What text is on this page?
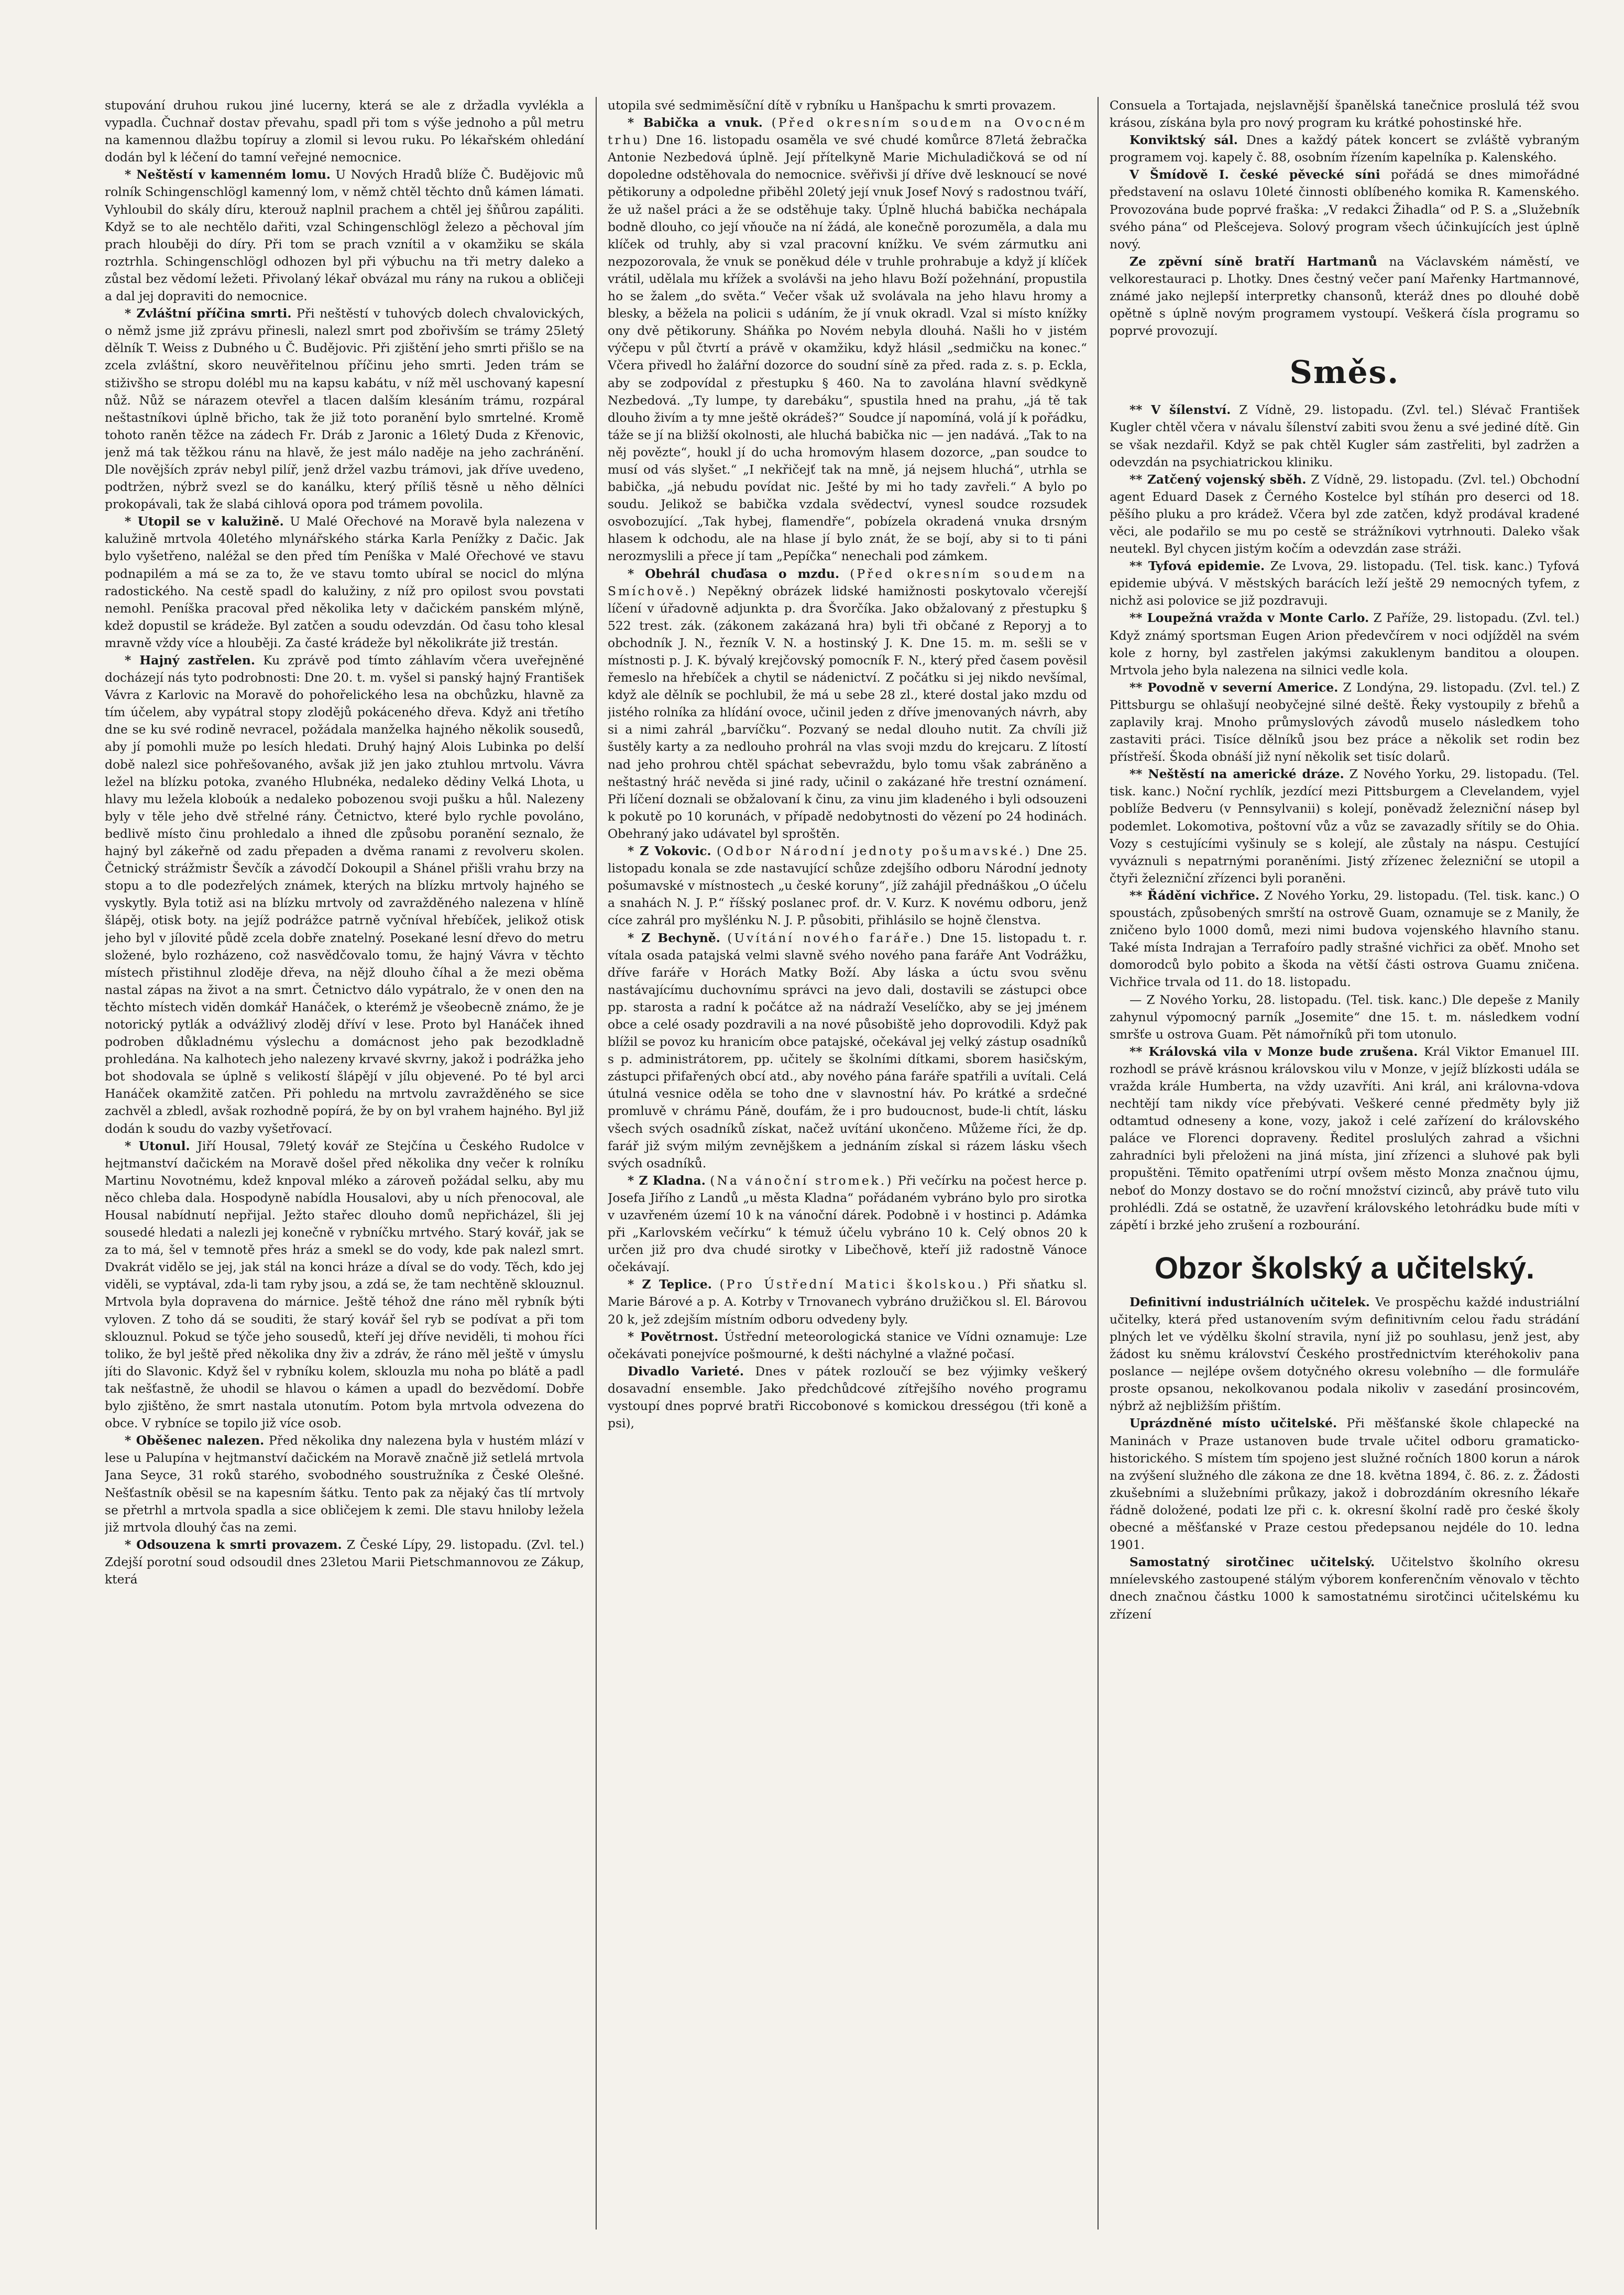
stupování druhou rukou jiné lucerny, která se ale z držadla vyvlékla a vypadla. Čuchnař dostav převahu, spadl při tom s výše jednoho a půl metru na kamennou dlažbu topíruy a zlomil si levou ruku. Po lékařském ohledání dodán byl k léčení do tamní veřejné nemocnice.

* Neštěstí v kamenném lomu. U Nových Hradů blíže Č. Budějovic mů rolník Schingenschlögl kamenný lom, v němž chtěl těchto dnů kámen lámati. Vyhloubil do skály díru, kterouž naplnil prachem a chtěl jej šňůrou zapáliti. Když se to ale nechtělo dařiti, vzal Schingenschlögl železo a pěchoval jím prach hlouběji do díry. Při tom se prach vznítil a v okamžiku se skála roztrhla. Schingenschlögl odhozen byl při výbuchu na tři metry daleko a zůstal bez vědomí ležeti. Přivolaný lékař obvázal mu rány na rukou a obličeji a dal jej dopraviti do nemocnice.

* Zvláštní příčina smrti. Při neštěstí v tuhovýcb dolech chvalovických, o němž jsme již zprávu přinesli, nalezl smrt pod zbořivším se trámy 25letý dělník T. Weiss z Dubného u Č. Budějovic. Při zjištění jeho smrti přišlo se na zcela zvláštní, skoro neuvěřitelnou příčinu jeho smrti. Jeden trám se stiživšho se stropu dolébl mu na kapsu kabátu, v níž měl uschovaný kapesní nůž. Nůž se nárazem otevřel a tlacen dalším klesáním trámu, rozpáral neštastníkovi úplně břicho, tak že již toto poranění bylo smrtelné. Kromě tohoto raněn těžce na zádech Fr. Dráb z Jaronic a 16letý Duda z Křenovic, jenž má tak těžkou ránu na hlavě, že jest málo naděje na jeho zachránění. Dle novějších zpráv nebyl pilíř, jenž držel vazbu trámovi, jak dříve uvedeno, podtržen, nýbrž svezl se do kanálku, který příliš těsně u něho dělníci prokopávali, tak že slabá cihlová opora pod trámem povolila.

* Utopil se v kalužině. U Malé Ořechové na Moravě byla nalezena v kalužině mrtvola 40letého mlynářského stárka Karla Penížky z Dačic. Jak bylo vyšetřeno, naléžal se den před tím Peníška v Malé Ořechové ve stavu podnapilém a má se za to, že ve stavu tomto ubíral se nocicl do mlýna radostického. Na cestě spadl do kalužiny, z níž pro opilost svou povstati nemohl. Peníška pracoval před několika lety v dačickém panském mlýně, kdež dopustil se krádeže. Byl zatčen a soudu odevzdán. Od času toho klesal mravně vždy více a hlouběji. Za časté krádeže byl několikráte již trestán.

* Hajný zastřelen. Ku zprávě pod tímto záhlavím včera uveřejněné docházejí nás tyto podrobnosti: Dne 20. t. m. vyšel si panský hajný František Vávra z Karlovic na Moravě do pohořelického lesa na obchůzku, hlavně za tím účelem, aby vypátral stopy zlodějů pokáceného dřeva. Když ani třetího dne se ku své rodině nevracel, požádala manželka hajného několik sousedů, aby jí pomohli muže po lesích hledati. Druhý hajný Alois Lubinka po delší době nalezl sice pohřešovaného, avšak již jen jako ztuhlou mrtvolu. Vávra ležel na blízku potoka, zvaného Hlubnéka, nedaleko dědiny Velká Lhota, u hlavy mu ležela kloboúk a nedaleko pobozenou svoji pušku a hůl. Nalezeny byly v těle jeho dvě střelné rány. Četnictvo, které bylo rychle povoláno, bedlivě místo činu prohledalo a ihned dle způsobu poranění seznalo, že hajný byl zákeřně od zadu přepaden a dvěma ranami z revolveru skolen. Četnický strážmistr Ševčík a závodčí Dokoupil a Shánel přišli vrahu brzy na stopu a to dle podezřelých známek, kterých na blízku mrtvoly hajného se vyskytly. Byla totiž asi na blízku mrtvoly od zavražděného nalezena v hlíně šlápěj, otisk boty. na jejíž podrážce patrně vyčníval hřebíček, jelikož otisk jeho byl v jílovité půdě zcela dobře znatelný. Posekané lesní dřevo do metru složené, bylo rozházeno, což nasvědčovalo tomu, že hajný Vávra v těchto místech přistihnul zloděje dřeva, na nějž dlouho číhal a že mezi oběma nastal zápas na život a na smrt. Četnictvo dálo vypátralo, že v onen den na těchto místech viděn domkář Hanáček, o kterémž je všeobecně známo, že je notorický pytlák a odvážlivý zloděj dříví v lese. Proto byl Hanáček ihned podroben důkladnému výslechu a domácnost jeho pak bezodkladně prohledána. Na kalhotech jeho nalezeny krvavé skvrny, jakož i podrážka jeho bot shodovala se úplně s velikostí šlápějí v jílu objevené. Po té byl arci Hanáček okamžitě zatčen. Při pohledu na mrtvolu zavražděného se sice zachvěl a zbledl, avšak rozhodně popírá, že by on byl vrahem hajného. Byl již dodán k soudu do vazby vyšetřovací.

* Utonul. Jiří Housal, 79letý kovář ze Stejčína u Českého Rudolce v hejtmanství dačickém na Moravě došel před několika dny večer k rolníku Martinu Novotnému, kdež knpoval mléko a zároveň požádal selku, aby mu něco chleba dala. Hospodyně nabídla Housalovi, aby u ních přenocoval, ale Housal nabídnutí nepřijal. Ježto stařec dlouho domů nepřicházel, šli jej sousedé hledati a nalezli jej konečně v rybníčku mrtvého. Starý kovář, jak se za to má, šel v temnotě přes hráz a smekl se do vody, kde pak nalezl smrt. Dvakrát vidělo se jej, jak stál na konci hráze a díval se do vody. Těch, kdo jej viděli, se vyptával, zda-li tam ryby jsou, a zdá se, že tam nechtěně sklouznul. Mrtvola byla dopravena do márnice. Ještě téhož dne ráno měl rybník býti vyloven. Z toho dá se souditi, že starý kovář šel ryb se podívat a při tom sklouznul. Pokud se týče jeho sousedů, kteří jej dříve neviděli, ti mohou říci toliko, že byl ještě před několika dny živ a zdráv, že ráno měl ještě v úmyslu jíti do Slavonic. Když šel v rybníku kolem, sklouzla mu noha po blátě a padl tak nešťastně, že uhodil se hlavou o kámen a upadl do bezvědomí. Dobře bylo zjištěno, že smrt nastala utonutím. Potom byla mrtvola odvezena do obce. V rybníce se topilo již více osob.

* Oběšenec nalezen. Před několika dny nalezena byla v hustém mlází v lese u Palupína v hejtmanství dačickém na Moravě značně již setlelá mrtvola Jana Seyce, 31 roků starého, svobodného soustružníka z České Olešné. Nešťastník oběsil se na kapesním šátku. Tento pak za nějaký čas tlí mrtvoly se přetrhl a mrtvola spadla a sice obličejem k zemi. Dle stavu hniloby ležela již mrtvola dlouhý čas na zemi.

* Odsouzena k smrti provazem. Z České Lípy, 29. listopadu. (Zvl. tel.) Zdejší porotní soud odsoudil dnes 23letou Marii Pietschmannovou ze Zákup, která

utopila své sedmiměsíční dítě v rybníku u Hanšpachu k smrti provazem.

* Babička a vnuk. (Před okresním soudem na Ovocném trhu) Dne 16. listopadu osaměla ve své chudé komůrce 87letá žebračka Antonie Nezbedová úplně. Její přítelkyně Marie Michuladičková se od ní dopoledne odstěhovala do nemocnice. svěřivši jí dříve dvě lesknoucí se nové pětikoruny a odpoledne přiběhl 20letý její vnuk Josef Nový s radostnou tváří, že už našel práci a že se odstěhuje taky. Úplně hluchá babička nechápala bodně dlouho, co její vňouče na ní žádá, ale konečně porozuměla, a dala mu klíček od truhly, aby si vzal pracovní knížku. Ve svém zármutku ani nezpozorovala, že vnuk se poněkud déle v truhle prohrabuje a když jí klíček vrátil, udělala mu křížek a svolávši na jeho hlavu Boží požehnání, propustila ho se žalem „do světa.“ Večer však už svolávala na jeho hlavu hromy a blesky, a běžela na policii s udáním, že jí vnuk okradl. Vzal si místo knížky ony dvě pětikoruny. Sháňka po Novém nebyla dlouhá. Našli ho v jistém výčepu v půl čtvrtí a právě v okamžiku, když hlásil „sedmičku na konec.“ Včera přivedl ho žalářní dozorce do soudní síně za před. rada z. s. p. Eckla, aby se zodpovídal z přestupku § 460. Na to zavolána hlavní svědkyně Nezbedová. „Ty lumpe, ty darebáku“, spustila hned na prahu, „já tě tak dlouho živím a ty mne ještě okrádeš?“ Soudce jí napomíná, volá jí k pořádku, táže se jí na bližší okolnosti, ale hluchá babička nic — jen nadává. „Tak to na něj povězte“, houkl jí do ucha hromovým hlasem dozorce, „pan soudce to musí od vás slyšet.“ „I nekřičejť tak na mně, já nejsem hluchá“, utrhla se babička, „já nebudu povídat nic. Ješté by mi ho tady zavřeli.“ A bylo po soudu. Jelikož se babička vzdala svědectví, vynesl soudce rozsudek osvobozující. „Tak hybej, flamendře“, pobízela okradená vnuka drsným hlasem k odchodu, ale na hlase jí bylo znát, že se bojí, aby si to ti páni nerozmyslili a přece jí tam „Pepíčka“ nenechali pod zámkem.

* Obehrál chuďasa o mzdu. (Před okresním soudem na Smíchově.) Nepěkný obrázek lidské hamižnosti poskytovalo včerejší líčení v úřadovně adjunkta p. dra Švorčíka. Jako obžalovaný z přestupku § 522 trest. zák. (zákonem zakázaná hra) byli tři občané z Reporyj a to obchodník J. N., řezník V. N. a hostinský J. K. Dne 15. m. m. sešli se v místnosti p. J. K. bývalý krejčovský pomocník F. N., který před časem pověsil řemeslo na hřebíček a chytil se nádenictví. Z počátku si jej nikdo nevšímal, když ale dělník se pochlubil, že má u sebe 28 zl., které dostal jako mzdu od jistého rolníka za hlídání ovoce, učinil jeden z dříve jmenovaných návrh, aby si a nimi zahrál „barvíčku“. Pozvaný se nedal dlouho nutit. Za chvíli již šustěly karty a za nedlouho prohrál na vlas svoji mzdu do krejcaru. Z lítostí nad jeho prohrou chtěl spáchat sebevraždu, bylo tomu však zabráněno a neštastný hráč nevěda si jiné rady, učinil o zakázané hře trestní oznámení. Při líčení doznali se obžalovaní k činu, za vinu jim kladeného i byli odsouzeni k pokutě po 10 korunách, v případě nedobytnosti do vězení po 24 hodinách. Obehraný jako udávatel byl sproštěn.

* Z Vokovic. (Odbor Národní jednoty pošumavské.) Dne 25. listopadu konala se zde nastavující schůze zdejšího odboru Národní jednoty pošumavské v místnostech „u české koruny“, jíž zahájil přednáškou „O účelu a snahách N. J. P.“ říšský poslanec prof. dr. V. Kurz. K novému odboru, jenž cíce zahrál pro myšlénku N. J. P. působiti, přihlásilo se hojně členstva.

* Z Bechyně. (Uvítání nového faráře.) Dne 15. listopadu t. r. vítala osada patajská velmi slavně svého nového pana faráře Ant Vodrážku, dříve faráře v Horách Matky Boží. Aby láska a úctu svou svěnu nastávajícímu duchovnímu správci na jevo dali, dostavili se zástupci obce pp. starosta a radní k počátce až na nádraží Veselíčko, aby se jej jménem obce a celé osady pozdravili a na nové působiště jeho doprovodili. Když pak blížil se povoz ku hranicím obce patajské, očekával jej velký zástup osadníků s p. administrátorem, pp. učitely se školními dítkami, sborem hasičským, zástupci přifařených obcí atd., aby nového pána faráře spatřili a uvítali. Celá útulná vesnice oděla se toho dne v slavnostní háv. Po krátké a srdečné promluvě v chrámu Páně, doufám, že i pro budoucnost, bude-li chtít, lásku všech svých osadníků získat, načež uvítání ukončeno. Můžeme říci, že dp. farář již svým milým zevnějškem a jednáním získal si rázem lásku všech svých osadníků.

* Z Kladna. (Na vánoční stromek.) Při večírku na počest herce p. Josefa Jiřího z Landů „u města Kladna“ pořádaném vybráno bylo pro sirotka v uzavřeném území 10 k na vánoční dárek. Podobně i v hostinci p. Adámka při „Karlovském večírku“ k témuž účelu vybráno 10 k. Celý obnos 20 k určen již pro dva chudé sirotky v Libečhově, kteří již radostně Vánoce očekávají.

* Z Teplice. (Pro Ústřední Matici školskou.) Při sňatku sl. Marie Bárové a p. A. Kotrby v Trnovanech vybráno družičkou sl. El. Bárovou 20 k, jež zdejším místním odboru odvedeny byly.

* Povětrnost. Ústřední meteorologická stanice ve Vídni oznamuje: Lze očekávati ponejvíce pošmourné, k dešti náchylné a vlažné počasí.

Divadlo Varieté. Dnes v pátek rozloučí se bez výjimky veškerý dosavadní ensemble. Jako předchůdcové zítřejšího nového programu vystoupí dnes poprvé bratři Riccobonové s komickou drességou (tři koně a psi),

Consuela a Tortajada, nejslavnější španělská tanečnice proslulá též svou krásou, získána byla pro nový program ku krátké pohostinské hře.

Konviktský sál. Dnes a každý pátek koncert se zvláště vybraným programem voj. kapely č. 88, osobním řízením kapelníka p. Kalenského.

V Šmídově I. české pěvecké síni pořádá se dnes mimořádné představení na oslavu 10leté činnosti oblíbeného komika R. Kamenského. Provozována bude poprvé fraška: „V redakci Žihadla“ od P. S. a „Služebník svého pána“ od Plešcejeva. Solový program všech účinkujících jest úplně nový.

Ze zpěvní síně bratří Hartmanů na Václavském náměstí, ve velkorestauraci p. Lhotky. Dnes čestný večer paní Mařenky Hartmannové, známé jako nejlepší interpretky chansonů, kteráž dnes po dlouhé době opětně s úplně novým programem vystoupí. Veškerá čísla programu so poprvé provozují.

Směs.

** V šílenství. Z Vídně, 29. listopadu. (Zvl. tel.) Slévač František Kugler chtěl včera v návalu šílenství zabiti svou ženu a své jediné dítě. Gin se však nezdařil. Když se pak chtěl Kugler sám zastřeliti, byl zadržen a odevzdán na psychiatrickou kliniku.

** Zatčený vojenský sběh. Z Vídně, 29. listopadu. (Zvl. tel.) Obchodní agent Eduard Dasek z Černého Kostelce byl stíhán pro deserci od 18. pěšího pluku a pro krádež. Včera byl zde zatčen, když prodával kradené věci, ale podařilo se mu po cestě se strážníkovi vytrhnouti. Daleko však neutekl. Byl chycen jistým kočím a odevzdán zase stráži.

** Tyfová epidemie. Ze Lvova, 29. listopadu. (Tel. tisk. kanc.) Tyfová epidemie ubývá. V městských barácích leží ještě 29 nemocných tyfem, z nichž asi polovice se již pozdravuji.

** Loupežná vražda v Monte Carlo. Z Paříže, 29. listopadu. (Zvl. tel.) Když známý sportsman Eugen Arion předevčírem v noci odjížděl na svém kole z horny, byl zastřelen jakýmsi zakuklenym banditou a oloupen. Mrtvola jeho byla nalezena na silnici vedle kola.

** Povodně v severní Americe. Z Londýna, 29. listopadu. (Zvl. tel.) Z Pittsburgu se ohlašují neobyčejné silné deště. Řeky vystoupily z břehů a zaplavily kraj. Mnoho průmyslových závodů muselo následkem toho zastaviti práci. Tisíce dělníků jsou bez práce a několik set rodin bez přístřeší. Škoda obnáší již nyní několik set tisíc dolarů.

** Neštěstí na americké dráze. Z Nového Yorku, 29. listopadu. (Tel. tisk. kanc.) Noční rychlík, jezdící mezi Pittsburgem a Clevelandem, vyjel poblíže Bedveru (v Pennsylvanii) s kolejí, poněvadž železniční násep byl podemlet. Lokomotiva, poštovní vůz a vůz se zavazadly sřítily se do Ohia. Vozy s cestujícími vyšinuly se s kolejí, ale zůstaly na náspu. Cestující vyváznuli s nepatrnými poraněními. Jistý zřízenec železniční se utopil a čtyři železniční zřízenci byli poraněni.

** Řádění vichřice. Z Nového Yorku, 29. listopadu. (Tel. tisk. kanc.) O spoustách, způsobených smrští na ostrově Guam, oznamuje se z Manily, že zničeno bylo 1000 domů, mezi nimi budova vojenského hlavního stanu. Také místa Indrajan a Terrafoíro padly strašné vichřici za oběť. Mnoho set domorodců bylo pobito a škoda na větší části ostrova Guamu zničena. Vichřice trvala od 11. do 18. listopadu.

— Z Nového Yorku, 28. listopadu. (Tel. tisk. kanc.) Dle depeše z Manily zahynul výpomocný parník „Josemite“ dne 15. t. m. následkem vodní smršťe u ostrova Guam. Pět námořníků při tom utonulo.

** Královská vila v Monze bude zrušena. Král Viktor Emanuel III. rozhodl se právě krásnou královskou vilu v Monze, v jejíž blízkosti udála se vražda krále Humberta, na vždy uzavříti. Ani král, ani královna-vdova nechtějí tam nikdy více přebývati. Veškeré cenné předměty byly již odtamtud odneseny a kone, vozy, jakož i celé zařízení do královského paláce ve Florenci dopraveny. Ředitel proslulých zahrad a všichni zahradníci byli přeloženi na jiná místa, jiní zřízenci a sluhové pak byli propuštěni. Těmito opatřeními utrpí ovšem město Monza značnou újmu, neboť do Monzy dostavo se do roční množství cizinců, aby právě tuto vilu prohlédli. Zdá se ostatně, že uzavření královského letohrádku bude míti v zápětí i brzké jeho zrušení a rozbourání.

Obzor školský a učitelský.

Definitivní industriálních učitelek. Ve prospěchu každé industriální učitelky, která před ustanovením svým definitivním celou řadu strádání plných let ve výdělku školní stravila, nyní již po souhlasu, jenž jest, aby žádost ku sněmu království Českého prostřednictvím kteréhokoliv pana poslance — nejlépe ovšem dotyčného okresu volebního — dle formuláře proste opsanou, nekolkovanou podala nikoliv v zasedání prosincovém, nýbrž až nejbližším přištím.

Uprázdněné místo učitelské. Při měšťanské škole chlapecké na Maninách v Praze ustanoven bude trvale učitel odboru gramaticko-historického. S místem tím spojeno jest služné ročních 1800 korun a nárok na zvýšení služného dle zákona ze dne 18. května 1894, č. 86. z. z. Žádosti zkušebními a služebními průkazy, jakož i dobrozdáním okresního lékaře řádně doložené, podati lze při c. k. okresní školní radě pro české školy obecné a měšťanské v Praze cestou předepsanou nejdéle do 10. ledna 1901.

Samostatný sirotčinec učitelský. Učitelstvo školního okresu mníelevského zastoupené stálým výborem konferenčním věnovalo v těchto dnech značnou částku 1000 k samostatnému sirotčinci učitelskému ku zřízení
